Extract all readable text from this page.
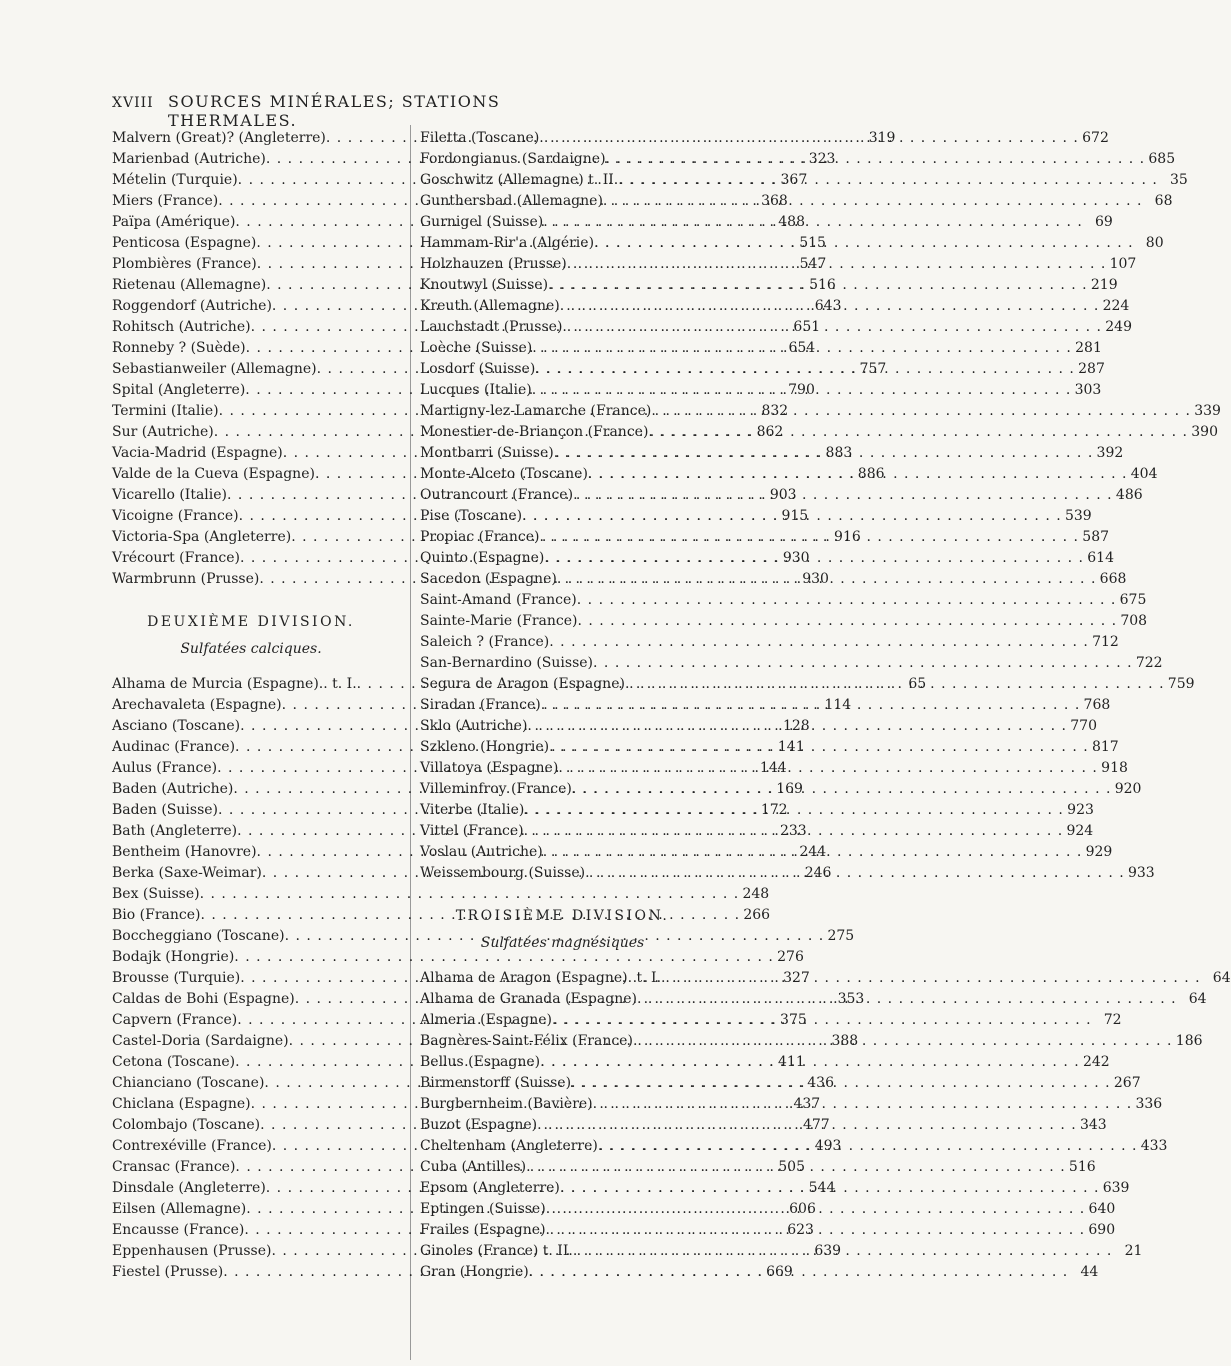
XVIII SOURCES MINÉRALES; STATIONS THERMALES.
Malvern (Great)? (Angleterre) . . .	319
Marienbad (Autriche) . . .	323
Mételin (Turquie) . . .	367
Miers (France) . . .	368
Païpa (Amérique) . . .	488
Penticosa (Espagne) . . .	515
Plombières (France) . . .	547
Rietenau (Allemagne) . . .	516
Roggendorf (Autriche) . . .	643
Rohitsch (Autriche) . . .	651
Ronneby ? (Suède) . . .	654
Sebastianweiler (Allemagne) . . .	757
Spital (Angleterre) . . .	790
Termini (Italie) . . .	832
Sur (Autriche) . . .	862
Vacia-Madrid (Espagne) . . .	883
Valde de la Cueva (Espagne) . . .	886
Vicarello (Italie) . . .	903
Vicoigne (France) . . .	915
Victoria-Spa (Angleterre) . . .	916
Vrécourt (France) . . .	930
Warmbrunn (Prusse) . . .	930
DEUXIÈME DIVISION.
Sulfatées calciques.
Alhama de Murcia (Espagne).. t. I. . . .	65
Arechavaleta (Espagne) . . .	114
Asciano (Toscane) . . .	128
Audinac (France) . . .	141
Aulus (France) . . .	144
Baden (Autriche) . . .	169
Baden (Suisse) . . .	172
Bath (Angleterre) . . .	233
Bentheim (Hanovre) . . .	244
Berka (Saxe-Weimar) . . .	246
Bex (Suisse) . . .	248
Bio (France) . . .	266
Boccheggiano (Toscane) . . .	275
Bodajk (Hongrie) . . .	276
Brousse (Turquie) . . .	327
Caldas de Bohi (Espagne) . . .	353
Capvern (France) . . .	375
Castel-Doria (Sardaigne) . . .	388
Cetona (Toscane) . . .	411
Chianciano (Toscane) . . .	436
Chiclana (Espagne) . . .	437
Colombajo (Toscane) . . .	477
Contrexéville (France) . . .	493
Cransac (France) . . .	505
Dinsdale (Angleterre) . . .	544
Eilsen (Allemagne) . . .	606
Encausse (France) . . .	623
Eppenhausen (Prusse) . . .	639
Fiestel (Prusse) . . .	669
Filetta (Toscane) . . .	672
Fordongianus (Sardaigne) . . .	685
Goschwitz (Allemagne) t. II. . . .	35
Gunthersbad (Allemagne) . . .	68
Gurnigel (Suisse) . . .	69
Hammam-Rir'a (Algérie) . . .	80
Holzhauzen (Prusse) . . .	107
Knoutwyl (Suisse) . . .	219
Kreuth (Allemagne) . . .	224
Lauchstadt (Prusse) . . .	249
Loèche (Suisse) . . .	281
Losdorf (Suisse) . . .	287
Lucques (Italie) . . .	303
Martigny-lez-Lamarche (France) . . .	339
Monestier-de-Briançon (France) . . .	390
Montbarri (Suisse) . . .	392
Monte-Alceto (Toscane) . . .	404
Outrancourt (France) . . .	486
Pise (Toscane) . . .	539
Propiac (France) . . .	587
Quinto (Espagne) . . .	614
Sacedon (Espagne) . . .	668
Saint-Amand (France) . . .	675
Sainte-Marie (France) . . .	708
Saleich ? (France) . . .	712
San-Bernardino (Suisse) . . .	722
Segura de Aragon (Espagne) . . .	759
Siradan (France) . . .	768
Sklo (Autriche) . . .	770
Szkleno (Hongrie) . . .	817
Villatoya (Espagne) . . .	918
Villeminfroy (France) . . .	920
Viterbe (Italie) . . .	923
Vittel (France) . . .	924
Voslau (Autriche) . . .	929
Weissembourg (Suisse) . . .	933
TROISIÈME DIVISION.
Sulfatées magnésiques
Alhama de Aragon (Espagne). t. I. . . .	64
Alhama de Granada (Espagne) . . .	64
Almeria (Espagne) . . .	72
Bagnères-Saint-Félix (France) . . .	186
Bellus (Espagne) . . .	242
Birmenstorff (Suisse) . . .	267
Burgbernheim (Bavière) . . .	336
Buzot (Espagne) . . .	343
Cheltenham (Angleterre) . . .	433
Cuba (Antilles) . . .	516
Epsom (Angleterre) . . .	639
Eptingen (Suisse) . . .	640
Frailes (Espagne) . . .	690
Ginoles (France) t. II. . . .	21
Gran (Hongrie) . . .	44
